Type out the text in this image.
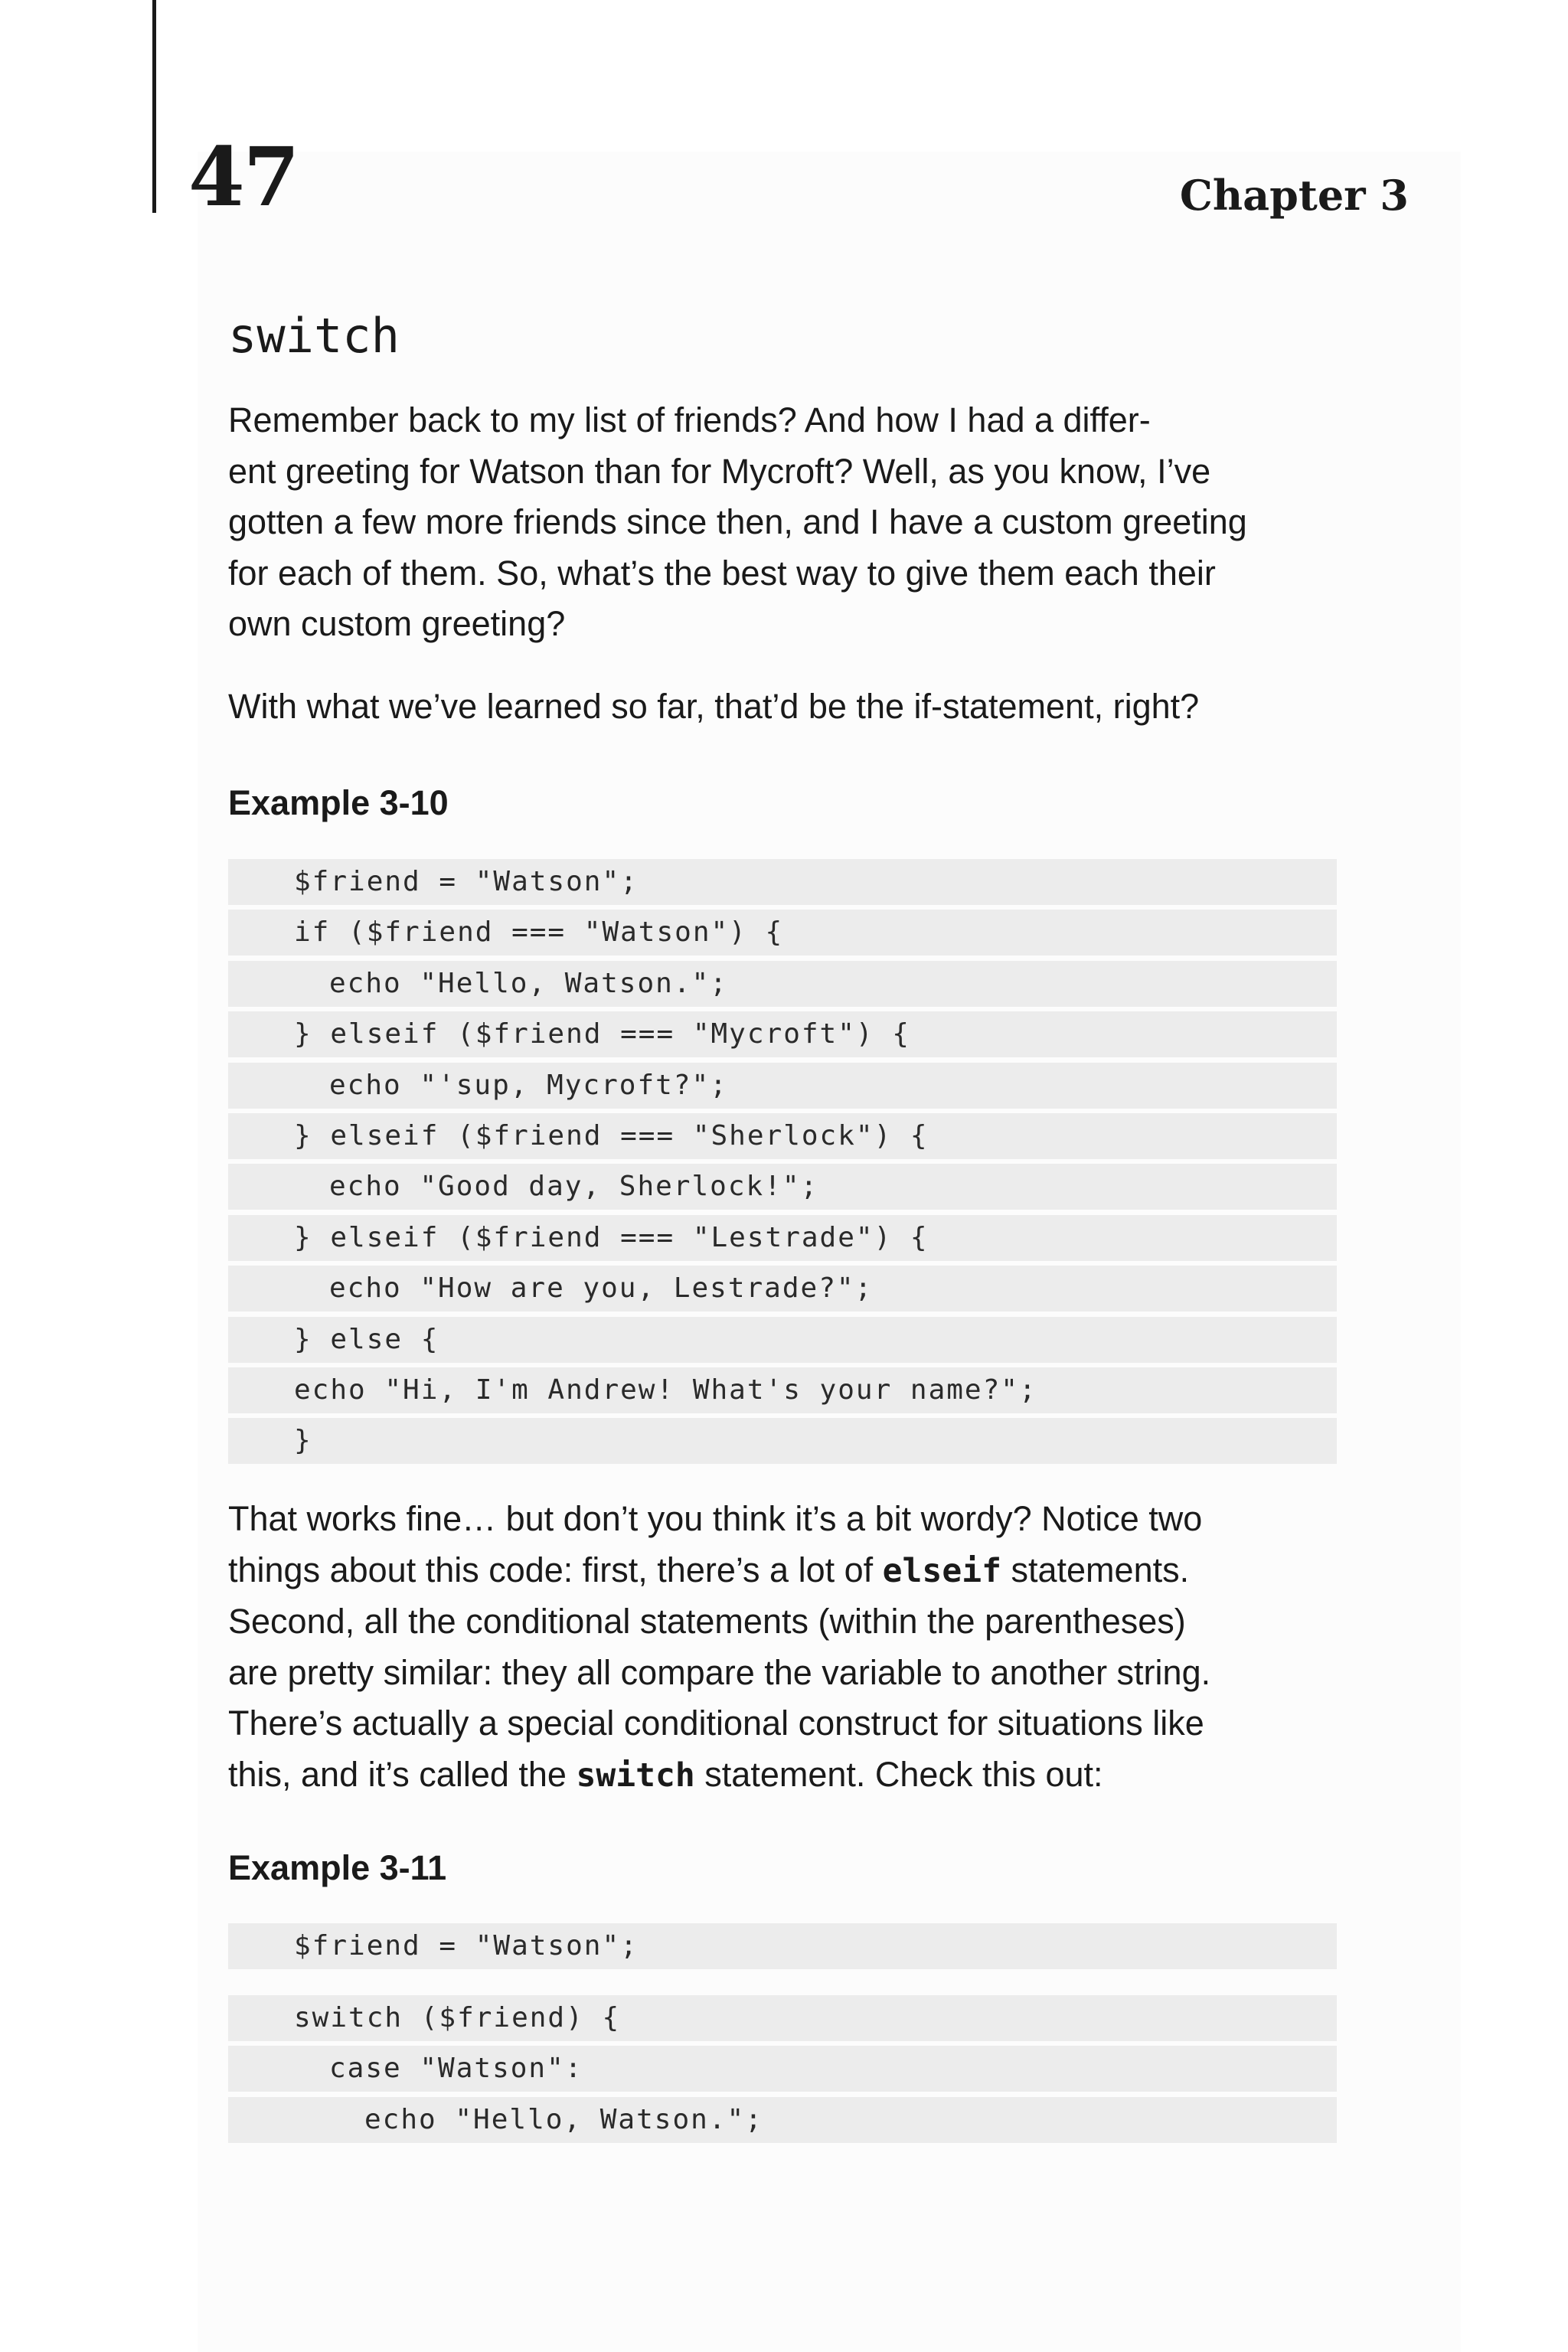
47	Chapter 3
switch

Remember back to my list of friends? And how I had a differ-
ent greeting for Watson than for Mycroft? Well, as you know, I’ve
gotten a few more friends since then, and I have a custom greeting
for each of them. So, what’s the best way to give them each their
own custom greeting?

With what we’ve learned so far, that’d be the if-statement, right?

Example 3-10
$friend = "Watson";
if ($friend === "Watson") {
echo "Hello, Watson.";
} elseif ($friend === "Mycroft") {
echo "'sup, Mycroft?";
} elseif ($friend === "Sherlock") {
echo "Good day, Sherlock!";
} elseif ($friend === "Lestrade") {
echo "How are you, Lestrade?";
} else {
echo "Hi, I'm Andrew! What's your name?";
}

That works fine… but don’t you think it’s a bit wordy? Notice two
things about this code: first, there’s a lot of elseif statements.
Second, all the conditional statements (within the parentheses)
are pretty similar: they all compare the variable to another string.
There’s actually a special conditional construct for situations like
this, and it’s called the switch statement. Check this out:

Example 3-11
$friend = "Watson";
switch ($friend) {
case "Watson":
echo "Hello, Watson.";
